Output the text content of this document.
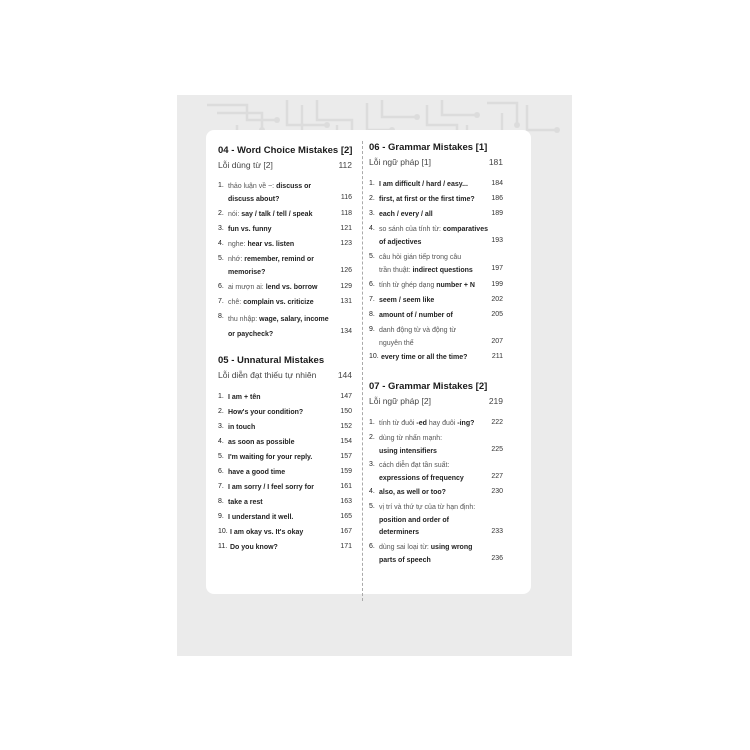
04 - Word Choice Mistakes [2]
Lỗi dùng từ [2]	112
1. thảo luận về ~: discuss or
discuss about?	116
2. nói: say / talk / tell / speak	118
3. fun vs. funny	121
4. nghe: hear vs. listen	123
5. nhớ: remember, remind or
memorise?	126
6. ai mượn ai: lend vs. borrow	129
7. chê: complain vs. criticize	131
8. thu nhập: wage, salary, income
or paycheck?	134
05 - Unnatural Mistakes
Lỗi diễn đạt thiếu tự nhiên	144
1. I am + tên	147
2. How's your condition?	150
3. in touch	152
4. as soon as possible	154
5. I'm waiting for your reply.	157
6. have a good time	159
7. I am sorry / I feel sorry for	161
8. take a rest	163
9. I understand it well.	165
10. I am okay vs. It's okay	167
11. Do you know?	171
06 - Grammar Mistakes [1]
Lỗi ngữ pháp [1]	181
1. I am difficult / hard / easy...	184
2. first, at first or the first time? 186
3. each / every / all	189
4. so sánh của tính từ: comparatives
of adjectives	193
5. câu hỏi gián tiếp trong câu
trần thuật: indirect questions	197
6. tính từ ghép dạng number + N 199
7. seem / seem like	202
8. amount of / number of	205
9. danh động từ và động từ
nguyên thể	207
10. every time or all the time?	211
07 - Grammar Mistakes [2]
Lỗi ngữ pháp [2]	219
1. tính từ đuôi -ed hay đuôi -ing? 222
2. dùng từ nhấn mạnh:
using intensifiers	225
3. cách diễn đạt tần suất:
expressions of frequency	227
4. also, as well or too?	230
5. vị trí và thứ tự của từ hạn định:
position and order of
determiners	233
6. dùng sai loại từ: using wrong
parts of speech	236
